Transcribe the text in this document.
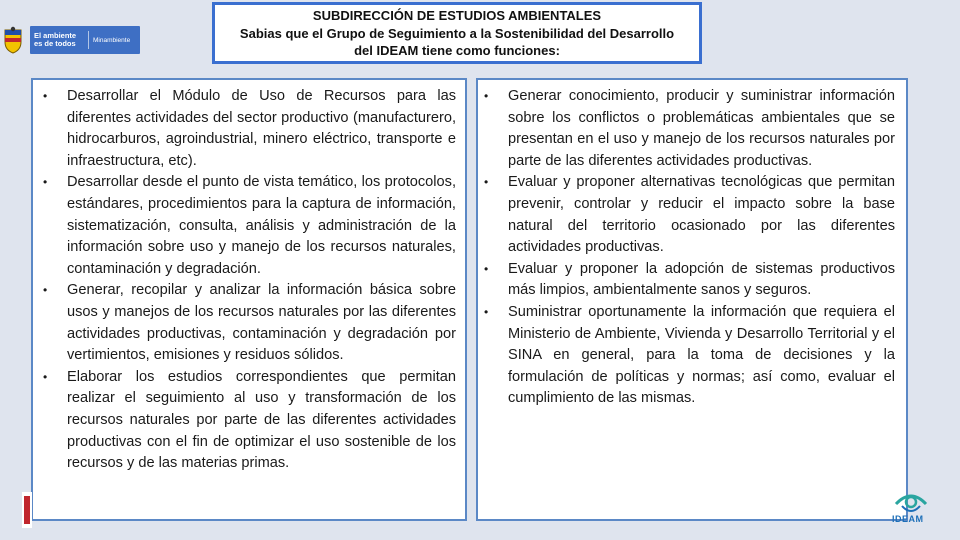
El ambiente es de todos	Minambiente
SUBDIRECCIÓN DE ESTUDIOS AMBIENTALES
Sabias que el Grupo de Seguimiento a la Sostenibilidad del Desarrollo
del IDEAM tiene como funciones:
• Desarrollar el Módulo de Uso de Recursos para las diferentes actividades del sector productivo (manufacturero, hidrocarburos, agroindustrial, minero eléctrico, transporte e infraestructura, etc).
• Desarrollar desde el punto de vista temático, los protocolos, estándares, procedimientos para la captura de información, sistematización, consulta, análisis y administración de la información sobre uso y manejo de los recursos naturales, contaminación y degradación.
• Generar, recopilar y analizar la información básica sobre usos y manejos de los recursos naturales por las diferentes actividades productivas, contaminación y degradación por vertimientos, emisiones y residuos sólidos.
• Elaborar los estudios correspondientes que permitan realizar el seguimiento al uso y transformación de los recursos naturales por parte de las diferentes actividades productivas con el fin de optimizar el uso sostenible de los recursos y de las materias primas.
• Generar conocimiento, producir y suministrar información sobre los conflictos o problemáticas ambientales que se presentan en el uso y manejo de los recursos naturales por parte de las diferentes actividades productivas.
• Evaluar y proponer alternativas tecnológicas que permitan prevenir, controlar y reducir el impacto sobre la base natural del territorio ocasionado por las diferentes actividades productivas.
• Evaluar y proponer la adopción de sistemas productivos más limpios, ambientalmente sanos y seguros.
• Suministrar oportunamente la información que requiera el Ministerio de Ambiente, Vivienda y Desarrollo Territorial y el SINA en general, para la toma de decisiones y la formulación de políticas y normas; así como, evaluar el cumplimiento de las mismas.
IDEAM
